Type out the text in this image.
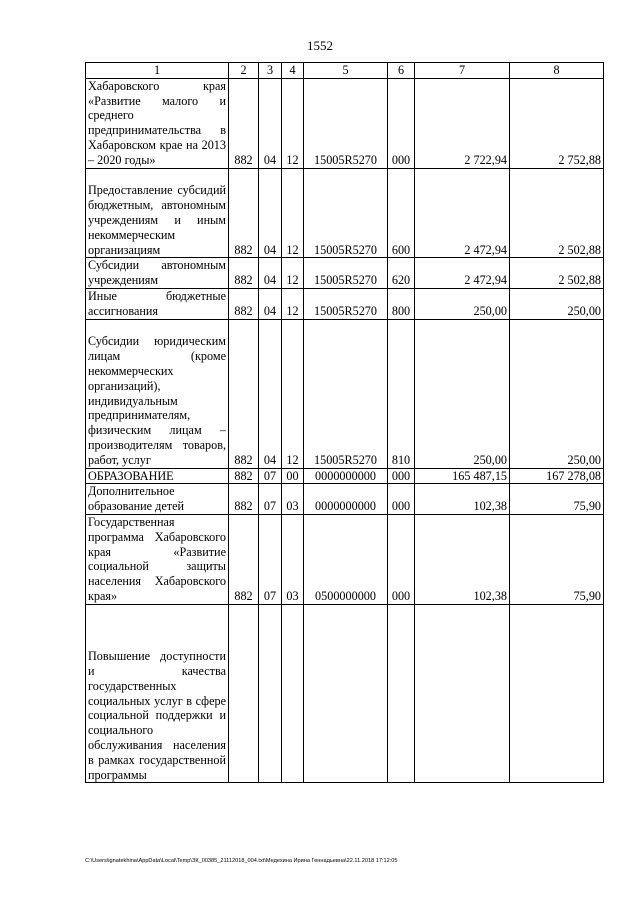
1552
1	2	3	4	5	6	7	8
Хабаровского края «Развитие малого и среднего предпринимательства в Хабаровском крае на 2013 – 2020 годы»	882	04	12	15005R5270	000	2 722,94	2 752,88
Предоставление субсидий бюджетным, автономным учреждениям и иным некоммерческим организациям	882	04	12	15005R5270	600	2 472,94	2 502,88
Субсидии автономным учреждениям	882	04	12	15005R5270	620	2 472,94	2 502,88
Иные бюджетные ассигнования	882	04	12	15005R5270	800	250,00	250,00
Субсидии юридическим лицам (кроме некоммерческих организаций), индивидуальным предпринимателям, физическим лицам – производителям товаров, работ, услуг	882	04	12	15005R5270	810	250,00	250,00
ОБРАЗОВАНИЕ	882	07	00	0000000000	000	165 487,15	167 278,08
Дополнительное образование детей	882	07	03	0000000000	000	102,38	75,90
Государственная программа Хабаровского края «Развитие социальной защиты населения Хабаровского края»	882	07	03	0500000000	000	102,38	75,90
Повышение доступности и качества государственных социальных услуг в сфере социальной поддержки и социального обслуживания населения в рамках государственной программы							
C:\Users\ignatekhina\AppData\Local\Temp\ЗК_00385_21112018_004.txt\Медехина Ирина Геннадьевна\22.11.2018 17:12:05
